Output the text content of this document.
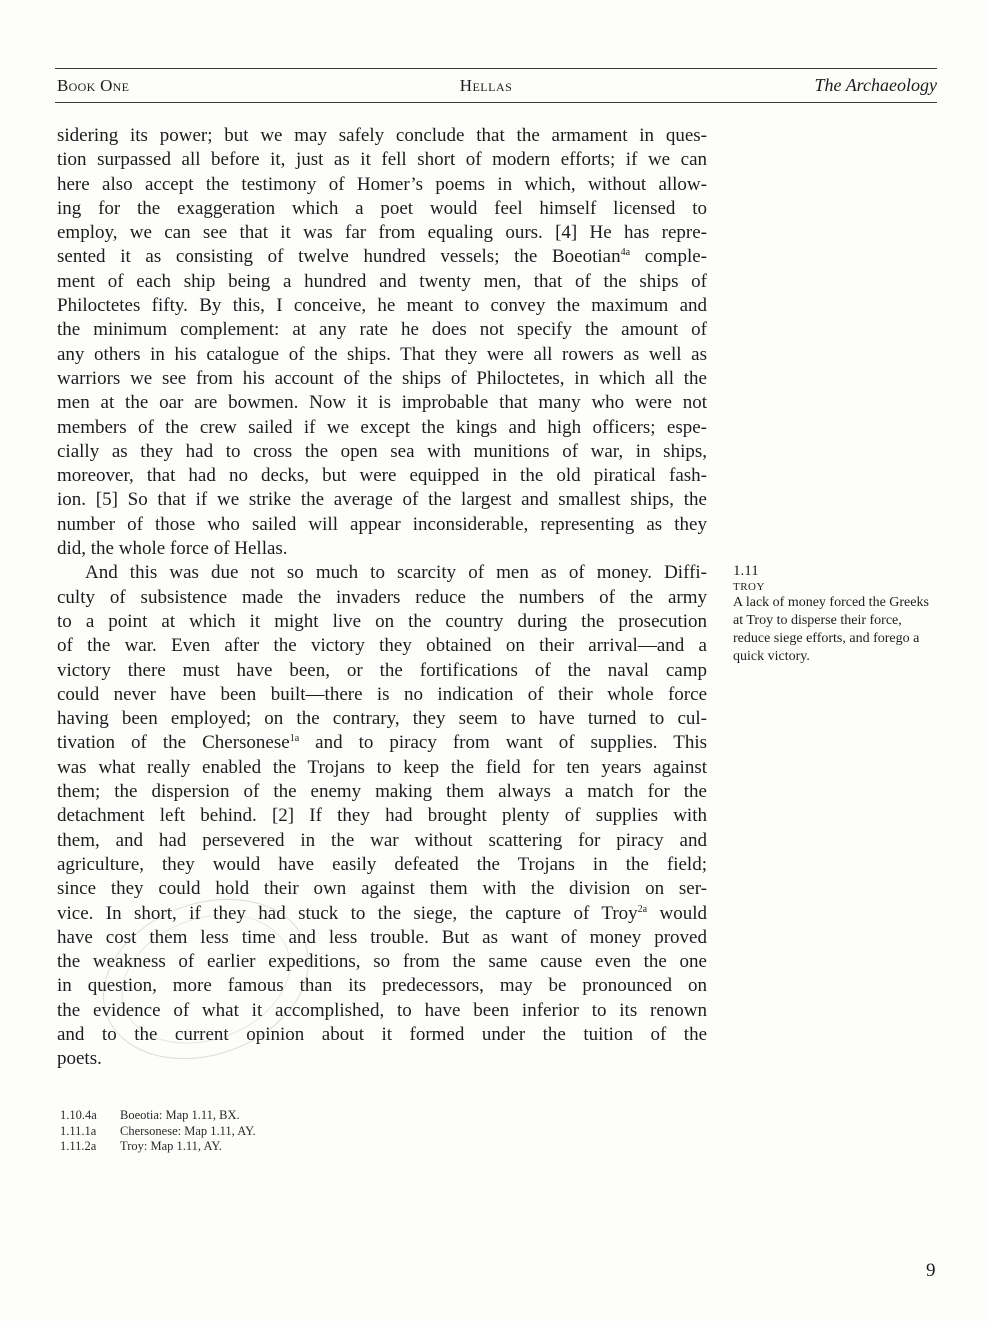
Book One	Hellas	The Archaeology
sidering its power; but we may safely conclude that the armament in ques-
tion surpassed all before it, just as it fell short of modern efforts; if we can
here also accept the testimony of Homer’s poems in which, without allow-
ing for the exaggeration which a poet would feel himself licensed to
employ, we can see that it was far from equaling ours. [4] He has repre-
sented it as consisting of twelve hundred vessels; the Boeotian$^{4a}$ comple-
ment of each ship being a hundred and twenty men, that of the ships of
Philoctetes fifty. By this, I conceive, he meant to convey the maximum and
the minimum complement: at any rate he does not specify the amount of
any others in his catalogue of the ships. That they were all rowers as well as
warriors we see from his account of the ships of Philoctetes, in which all the
men at the oar are bowmen. Now it is improbable that many who were not
members of the crew sailed if we except the kings and high officers; espe-
cially as they had to cross the open sea with munitions of war, in ships,
moreover, that had no decks, but were equipped in the old piratical fash-
ion. [5] So that if we strike the average of the largest and smallest ships, the
number of those who sailed will appear inconsiderable, representing as they
did, the whole force of Hellas.
And this was due not so much to scarcity of men as of money. Diffi-
culty of subsistence made the invaders reduce the numbers of the army
to a point at which it might live on the country during the prosecution
of the war. Even after the victory they obtained on their arrival—and a
victory there must have been, or the fortifications of the naval camp
could never have been built—there is no indication of their whole force
having been employed; on the contrary, they seem to have turned to cul-
tivation of the Chersonese$^{1a}$ and to piracy from want of supplies. This
was what really enabled the Trojans to keep the field for ten years against
them; the dispersion of the enemy making them always a match for the
detachment left behind. [2] If they had brought plenty of supplies with
them, and had persevered in the war without scattering for piracy and
agriculture, they would have easily defeated the Trojans in the field;
since they could hold their own against them with the division on ser-
vice. In short, if they had stuck to the siege, the capture of Troy$^{2a}$ would
have cost them less time and less trouble. But as want of money proved
the weakness of earlier expeditions, so from the same cause even the one
in question, more famous than its predecessors, may be pronounced on
the evidence of what it accomplished, to have been inferior to its renown
and to the current opinion about it formed under the tuition of the
poets.
1.11
TROY
A lack of money forced the Greeks at Troy to disperse their force, reduce siege efforts, and forego a quick victory.
1.10.4a	Boeotia: Map 1.11, BX.
1.11.1a	Chersonese: Map 1.11, AY.
1.11.2a	Troy: Map 1.11, AY.
9
